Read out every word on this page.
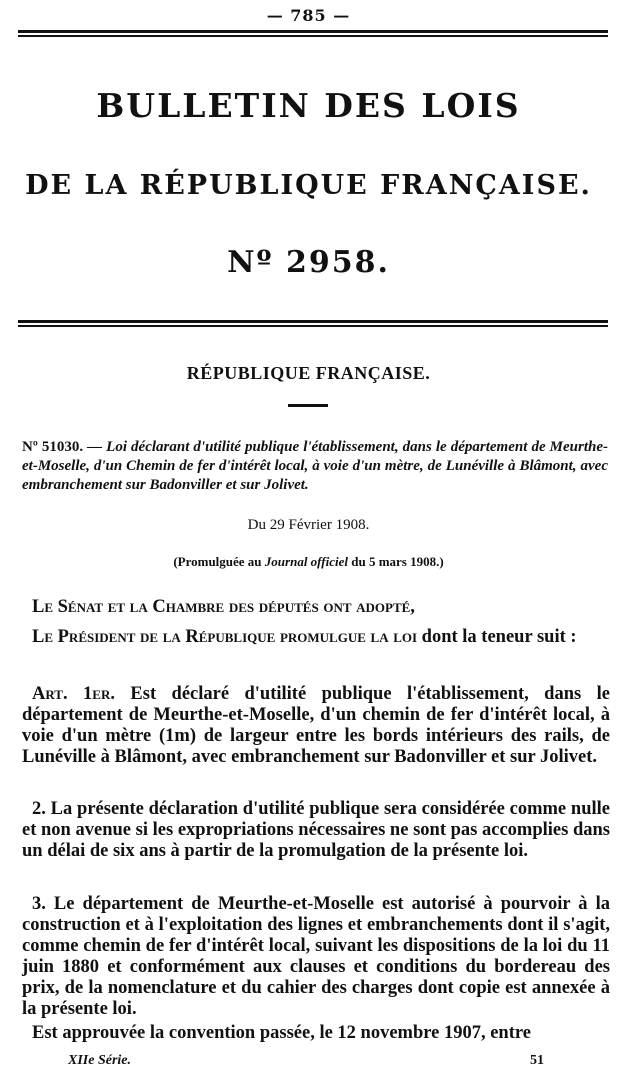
— 785 —
BULLETIN DES LOIS
DE LA RÉPUBLIQUE FRANÇAISE.
Nº 2958.
RÉPUBLIQUE FRANÇAISE.
Nº 51030. — Loi déclarant d'utilité publique l'établissement, dans le département de Meurthe-et-Moselle, d'un Chemin de fer d'intérêt local, à voie d'un mètre, de Lunéville à Blâmont, avec embranchement sur Badonviller et sur Jolivet.
Du 29 Février 1908.
(Promulguée au Journal officiel du 5 mars 1908.)
Le Sénat et la Chambre des députés ont adopté,
Le Président de la République promulgue la loi dont la teneur suit :
Art. 1er. Est déclaré d'utilité publique l'établissement, dans le département de Meurthe-et-Moselle, d'un chemin de fer d'intérêt local, à voie d'un mètre (1m) de largeur entre les bords intérieurs des rails, de Lunéville à Blâmont, avec embranchement sur Badonviller et sur Jolivet.
2. La présente déclaration d'utilité publique sera considérée comme nulle et non avenue si les expropriations nécessaires ne sont pas accomplies dans un délai de six ans à partir de la promulgation de la présente loi.
3. Le département de Meurthe-et-Moselle est autorisé à pourvoir à la construction et à l'exploitation des lignes et embranchements dont il s'agit, comme chemin de fer d'intérêt local, suivant les dispositions de la loi du 11 juin 1880 et conformément aux clauses et conditions du bordereau des prix, de la nomenclature et du cahier des charges dont copie est annexée à la présente loi.
Est approuvée la convention passée, le 12 novembre 1907, entre
XIIe Série.	51
